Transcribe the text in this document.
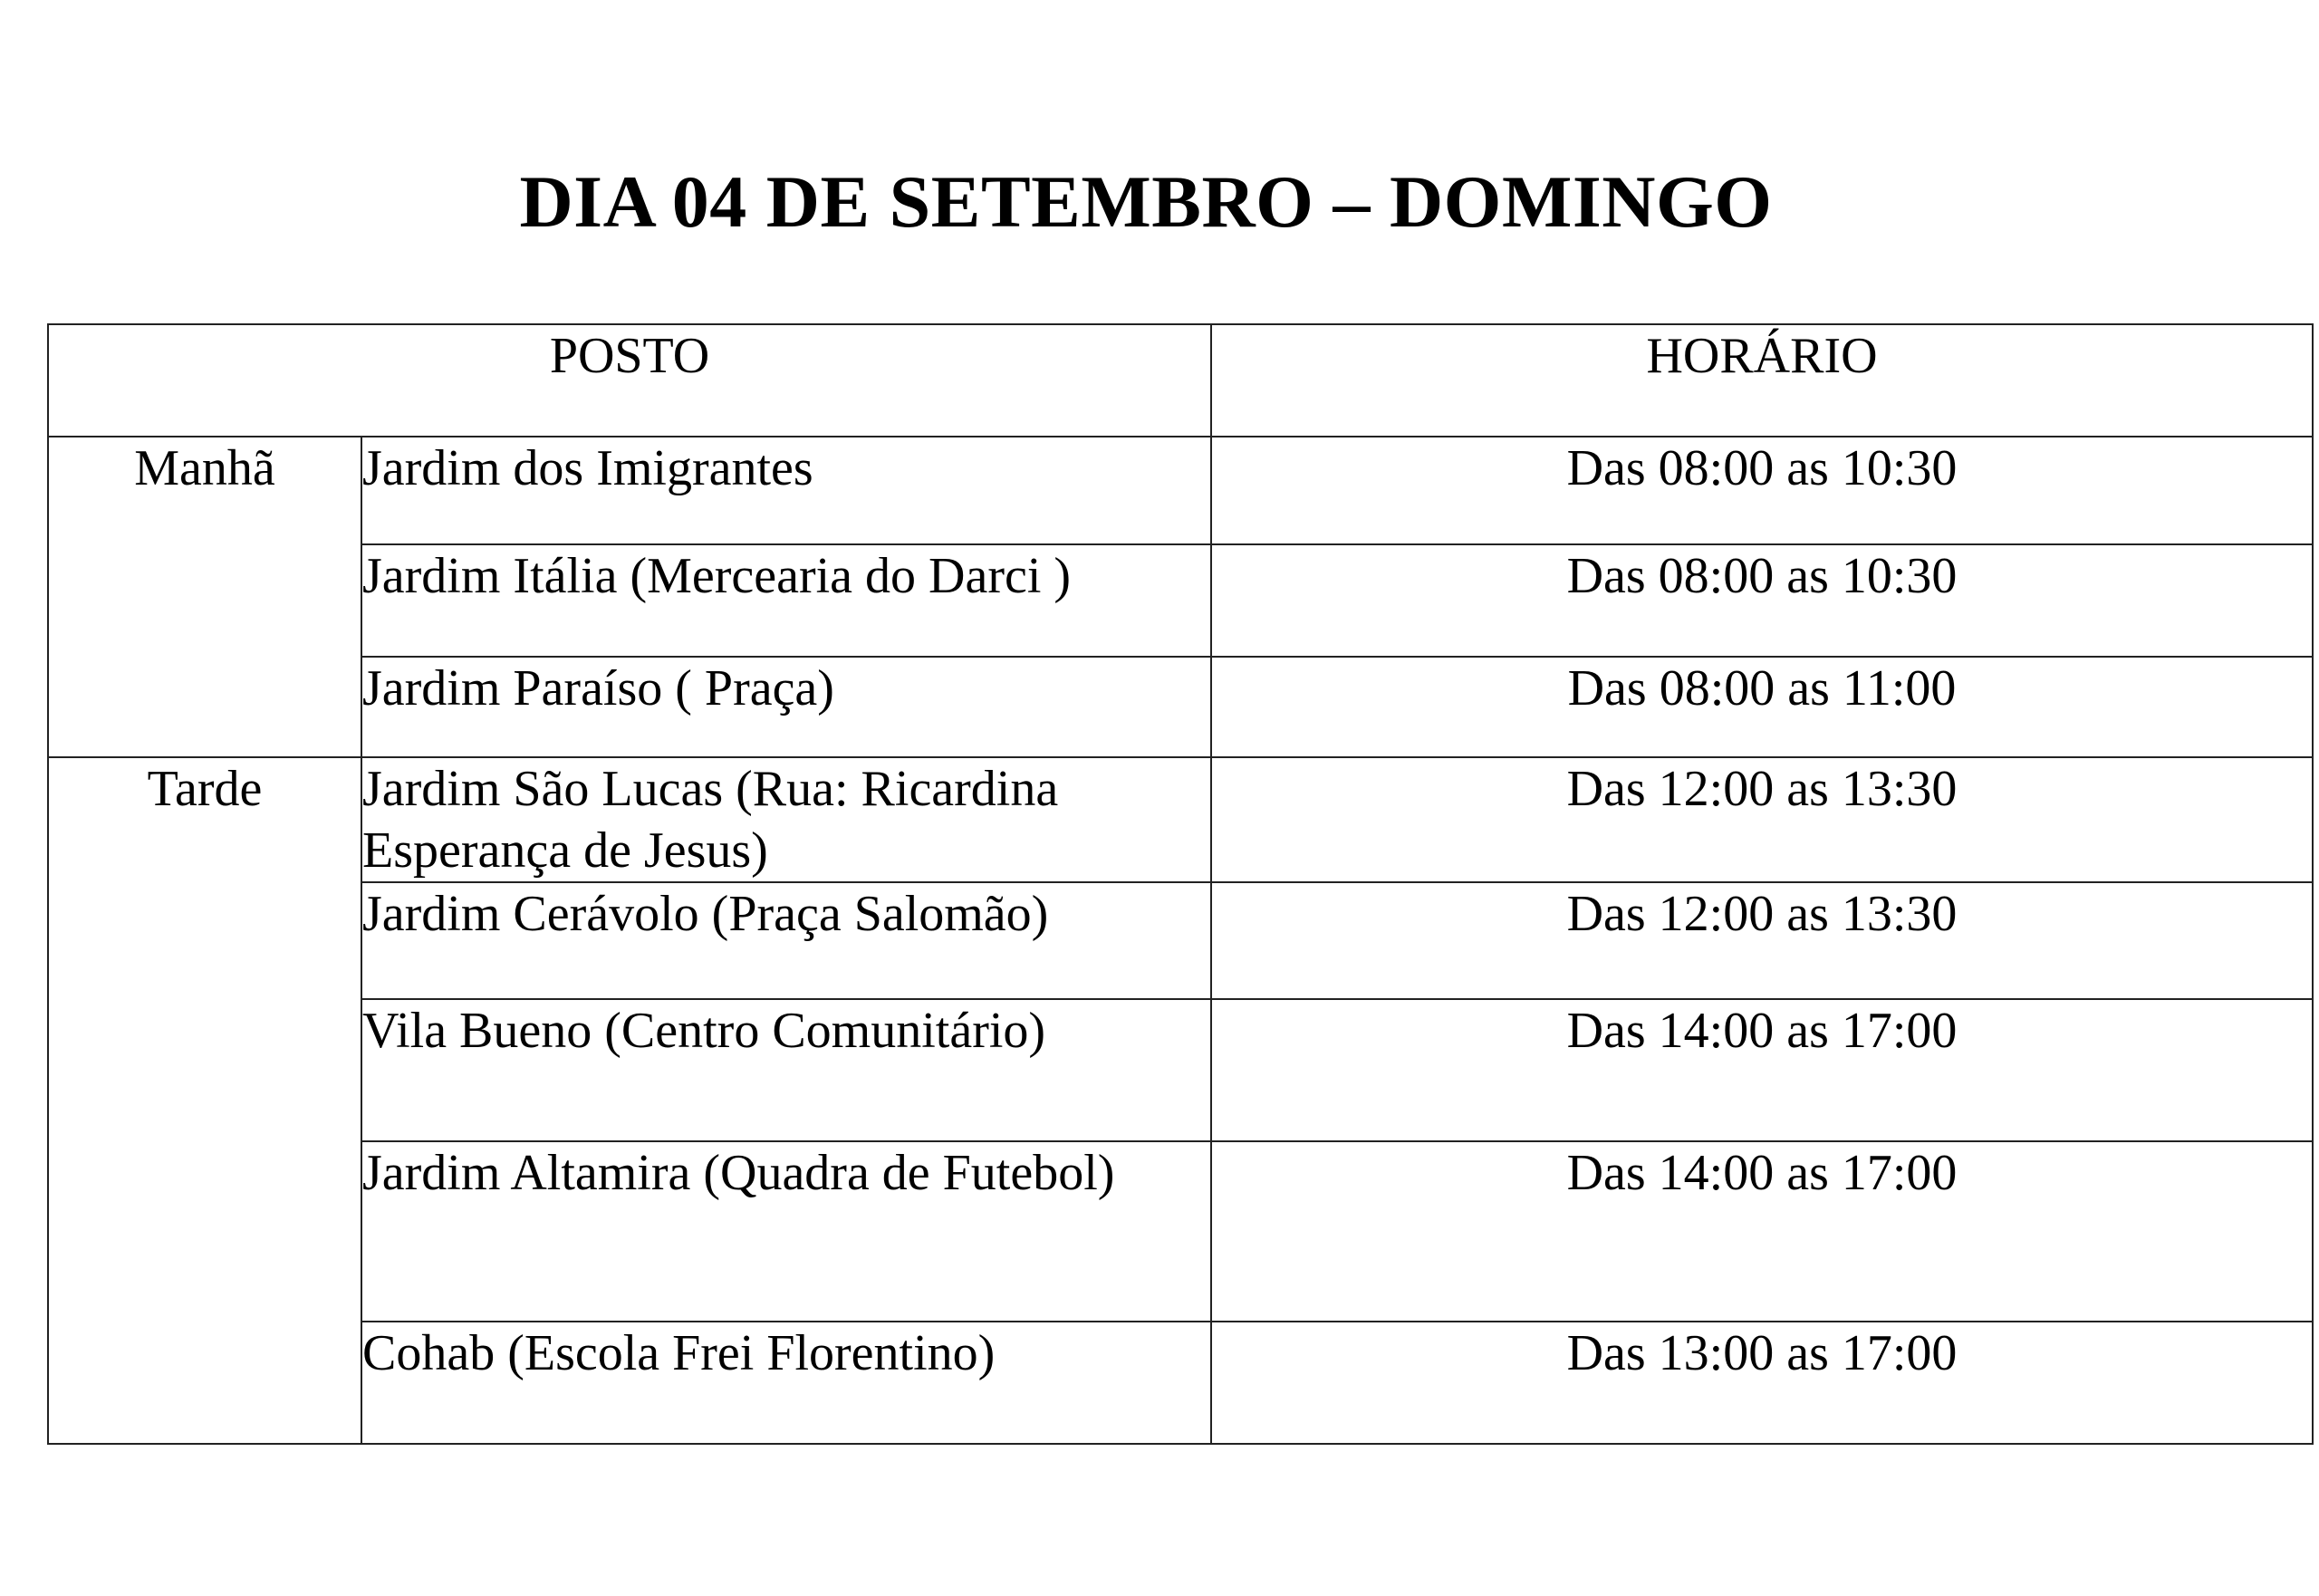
DIA 04 DE SETEMBRO – DOMINGO
POSTO		HORÁRIO
Manhã	Jardim dos Imigrantes	Das 08:00 as 10:30
	Jardim Itália (Mercearia do Darci )	Das 08:00 as 10:30
	Jardim Paraíso ( Praça)	Das 08:00 as 11:00
Tarde	Jardim São Lucas (Rua: Ricardina Esperança de Jesus)	Das 12:00 as 13:30
	Jardim Cerávolo (Praça Salomão)	Das 12:00 as 13:30
	Vila Bueno (Centro Comunitário)	Das 14:00 as 17:00
	Jardim Altamira (Quadra de Futebol)	Das 14:00 as 17:00
	Cohab (Escola Frei Florentino)	Das 13:00 as 17:00
